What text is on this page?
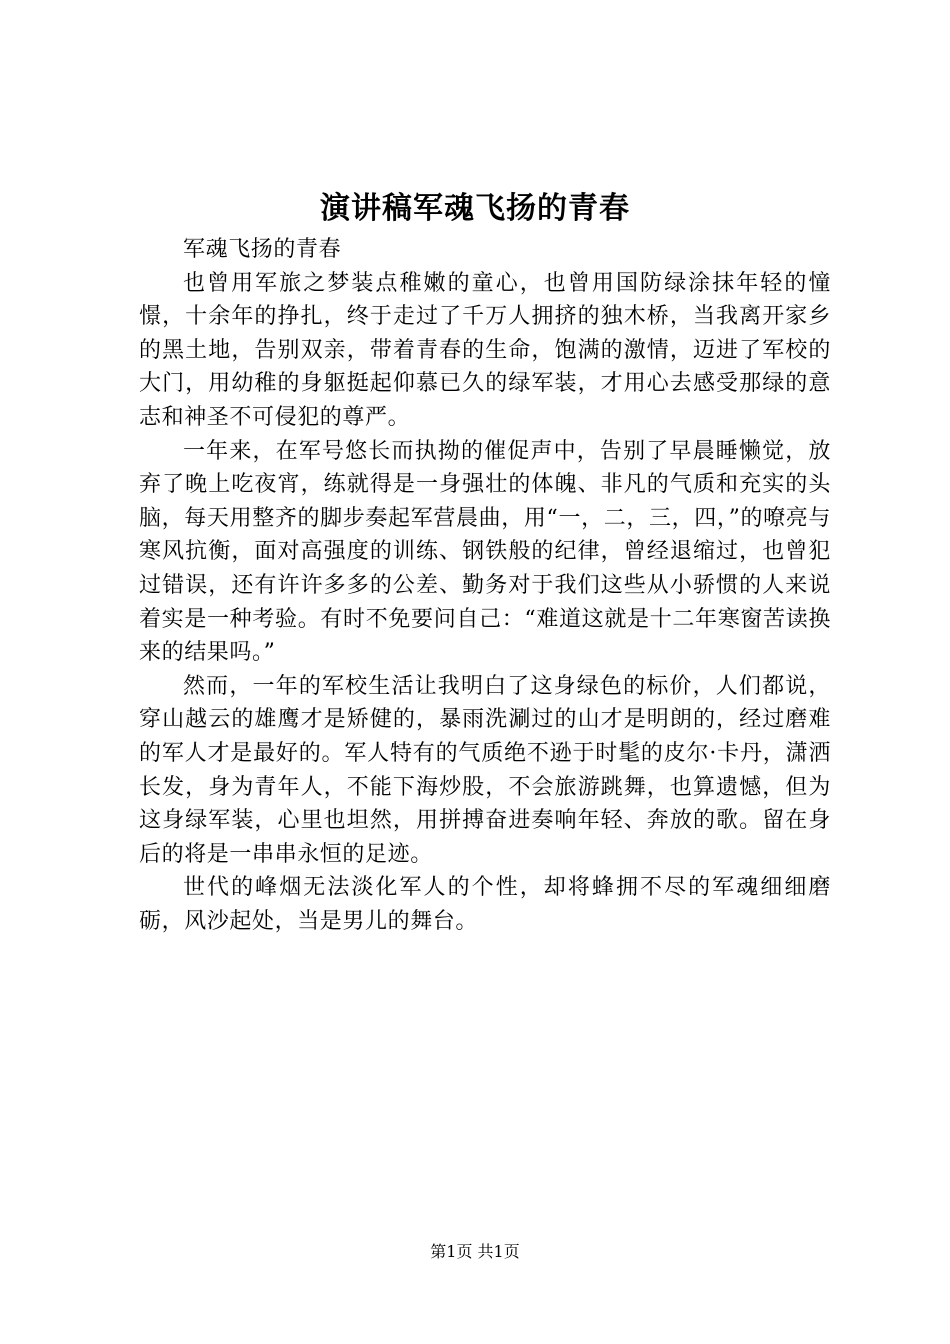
演讲稿军魂飞扬的青春

军魂飞扬的青春

也曾用军旅之梦装点稚嫩的童心，也曾用国防绿涂抹年轻的憧憬，十余年的挣扎，终于走过了千万人拥挤的独木桥，当我离开家乡的黑土地，告别双亲，带着青春的生命，饱满的激情，迈进了军校的大门，用幼稚的身躯挺起仰慕已久的绿军装，才用心去感受那绿的意志和神圣不可侵犯的尊严。

一年来，在军号悠长而执拗的催促声中，告别了早晨睡懒觉，放弃了晚上吃夜宵，练就得是一身强壮的体魄、非凡的气质和充实的头脑，每天用整齐的脚步奏起军营晨曲，用“一，二，三，四，”的嘹亮与寒风抗衡，面对高强度的训练、钢铁般的纪律，曾经退缩过，也曾犯过错误，还有许许多多的公差、勤务对于我们这些从小骄惯的人来说着实是一种考验。有时不免要问自己：“难道这就是十二年寒窗苦读换来的结果吗。”

然而，一年的军校生活让我明白了这身绿色的标价，人们都说，穿山越云的雄鹰才是矫健的，暴雨洗涮过的山才是明朗的，经过磨难的军人才是最好的。军人特有的气质绝不逊于时髦的皮尔·卡丹，潇洒长发，身为青年人，不能下海炒股，不会旅游跳舞，也算遗憾，但为这身绿军装，心里也坦然，用拼搏奋进奏响年轻、奔放的歌。留在身后的将是一串串永恒的足迹。

世代的峰烟无法淡化军人的个性，却将蜂拥不尽的军魂细细磨砺，风沙起处，当是男儿的舞台。

第1页 共1页
